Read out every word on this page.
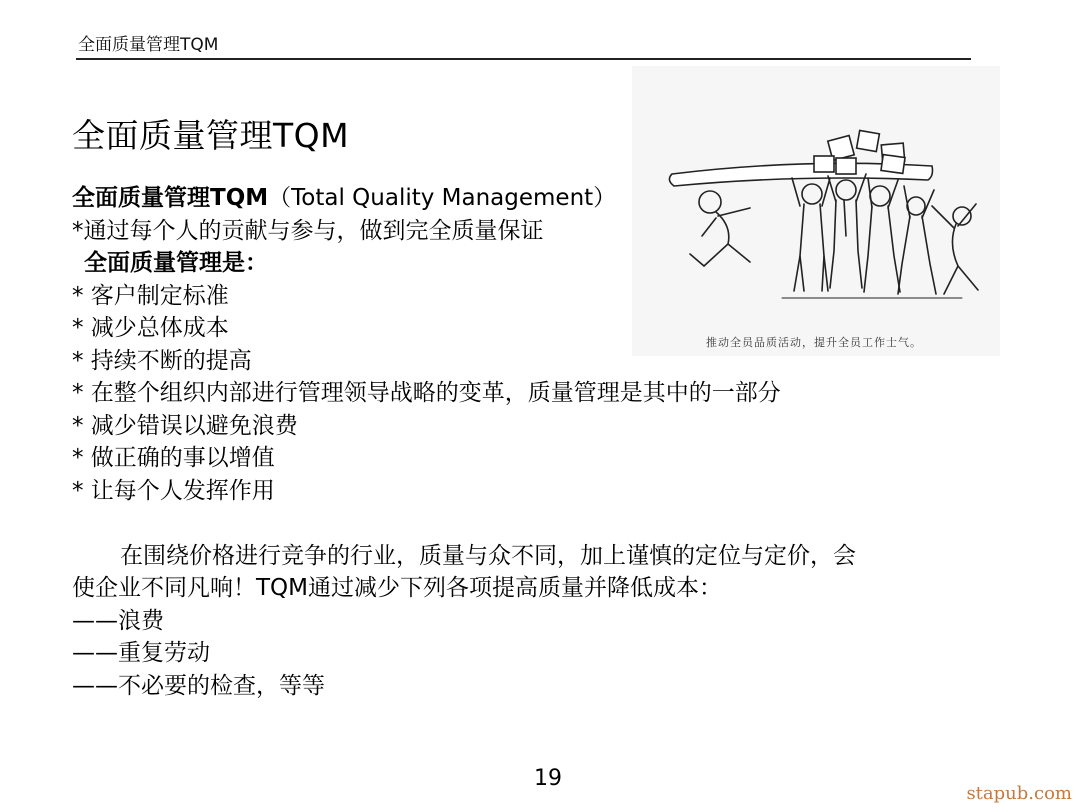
全面质量管理TQM
全面质量管理TQM
全面质量管理TQM（Total Quality Management）
*通过每个人的贡献与参与，做到完全质量保证
全面质量管理是：
* 客户制定标准
* 减少总体成本
* 持续不断的提高
* 在整个组织内部进行管理领导战略的变革，质量管理是其中的一部分
* 减少错误以避免浪费
* 做正确的事以增值
* 让每个人发挥作用
在围绕价格进行竞争的行业，质量与众不同，加上谨慎的定位与定价，会
使企业不同凡响！TQM通过减少下列各项提高质量并降低成本：
——浪费
——重复劳动
——不必要的检查，等等
推动全员品质活动，提升全员工作士气。
19
stapub.com
